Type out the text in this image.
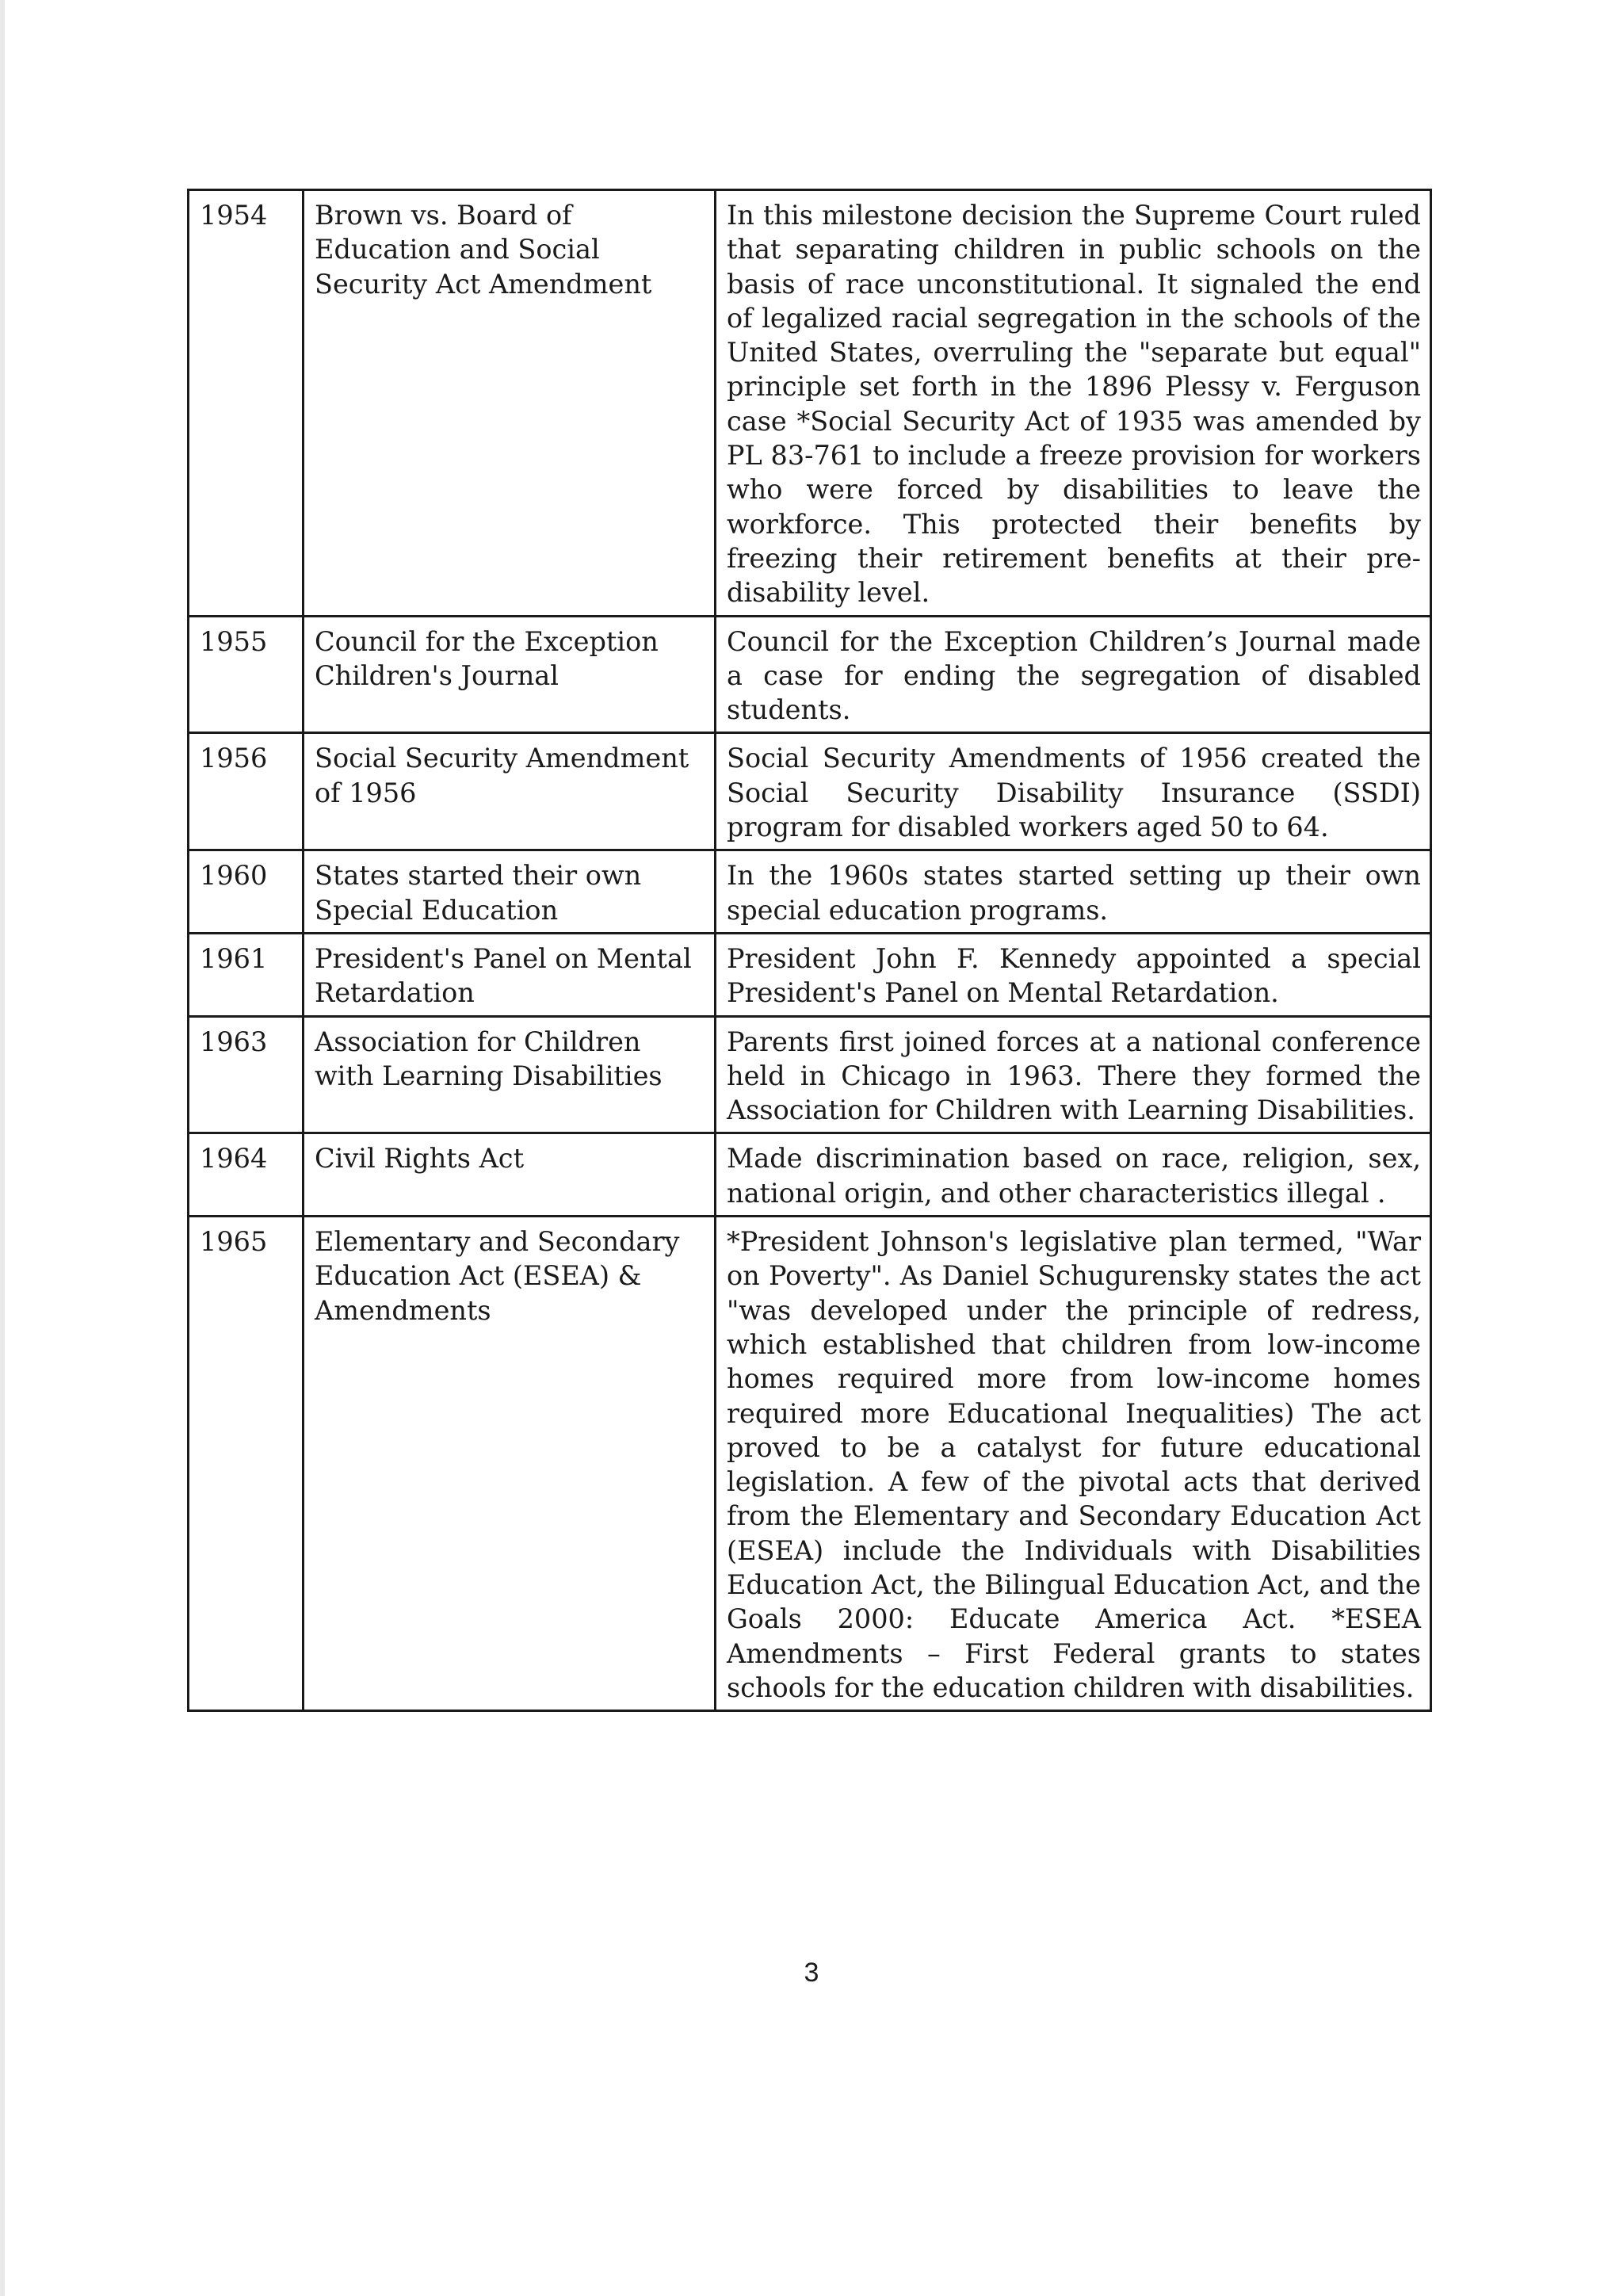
1954	Brown vs. Board of Education and Social Security Act Amendment	In this milestone decision the Supreme Court ruled that separating children in public schools on the basis of race unconstitutional. It signaled the end of legalized racial segregation in the schools of the United States, overruling the "separate but equal" principle set forth in the 1896 Plessy v. Ferguson case *Social Security Act of 1935 was amended by PL 83-761 to include a freeze provision for workers who were forced by disabilities to leave the workforce. This protected their benefits by freezing their retirement benefits at their pre-disability level.
1955	Council for the Exception Children's Journal	Council for the Exception Children’s Journal made a case for ending the segregation of disabled students.
1956	Social Security Amendment of 1956	Social Security Amendments of 1956 created the Social Security Disability Insurance (SSDI) program for disabled workers aged 50 to 64.
1960	States started their own Special Education	In the 1960s states started setting up their own special education programs.
1961	President's Panel on Mental Retardation	President John F. Kennedy appointed a special President's Panel on Mental Retardation.
1963	Association for Children with Learning Disabilities	Parents first joined forces at a national conference held in Chicago in 1963. There they formed the Association for Children with Learning Disabilities.
1964	Civil Rights Act	Made discrimination based on race, religion, sex, national origin, and other characteristics illegal .
1965	Elementary and Secondary Education Act (ESEA) & Amendments	*President Johnson's legislative plan termed, "War on Poverty". As Daniel Schugurensky states the act "was developed under the principle of redress, which established that children from low-income homes required more from low-income homes required more Educational Inequalities) The act proved to be a catalyst for future educational legislation. A few of the pivotal acts that derived from the Elementary and Secondary Education Act (ESEA) include the Individuals with Disabilities Education Act, the Bilingual Education Act, and the Goals 2000: Educate America Act. *ESEA Amendments – First Federal grants to states schools for the education children with disabilities.
3
